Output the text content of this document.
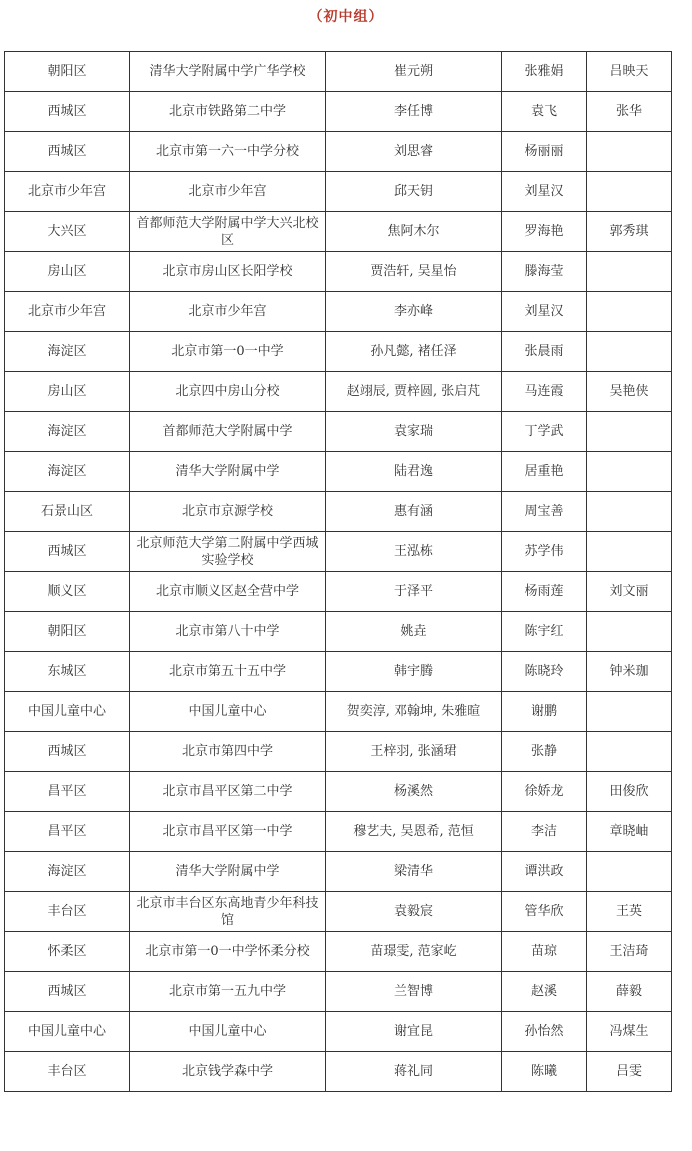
（初中组）
朝阳区	清华大学附属中学广华学校	崔元朔	张雅娟	吕映天
西城区	北京市铁路第二中学	李任博	袁飞	张华
西城区	北京市第一六一中学分校	刘思睿	杨丽丽	
北京市少年宫	北京市少年宫	邱天钥	刘星汉	
大兴区	首都师范大学附属中学大兴北校区	焦阿木尔	罗海艳	郭秀琪
房山区	北京市房山区长阳学校	贾浩轩, 吴星怡	滕海莹	
北京市少年宫	北京市少年宫	李亦峰	刘星汉	
海淀区	北京市第一0一中学	孙凡懿, 褚任泽	张晨雨	
房山区	北京四中房山分校	赵翊辰, 贾梓圆, 张启芃	马连霞	吴艳侠
海淀区	首都师范大学附属中学	袁家瑞	丁学武	
海淀区	清华大学附属中学	陆君逸	居重艳	
石景山区	北京市京源学校	惠有涵	周宝善	
西城区	北京师范大学第二附属中学西城实验学校	王泓栋	苏学伟	
顺义区	北京市顺义区赵全营中学	于泽平	杨雨莲	刘文丽
朝阳区	北京市第八十中学	姚垚	陈宇红	
东城区	北京市第五十五中学	韩宇腾	陈晓玲	钟米珈
中国儿童中心	中国儿童中心	贺奕淳, 邓翰坤, 朱雅暄	谢鹏	
西城区	北京市第四中学	王梓羽, 张涵珺	张静	
昌平区	北京市昌平区第二中学	杨溪然	徐娇龙	田俊欣
昌平区	北京市昌平区第一中学	穆艺夫, 吴恩希, 范恒	李洁	章晓岫
海淀区	清华大学附属中学	梁清华	谭洪政	
丰台区	北京市丰台区东高地青少年科技馆	袁毅宸	管华欣	王英
怀柔区	北京市第一0一中学怀柔分校	苗璟雯, 范家屹	苗琼	王洁琦
西城区	北京市第一五九中学	兰智博	赵溪	薛毅
中国儿童中心	中国儿童中心	谢宜昆	孙怡然	冯煤生
丰台区	北京钱学森中学	蒋礼同	陈曦	吕雯
